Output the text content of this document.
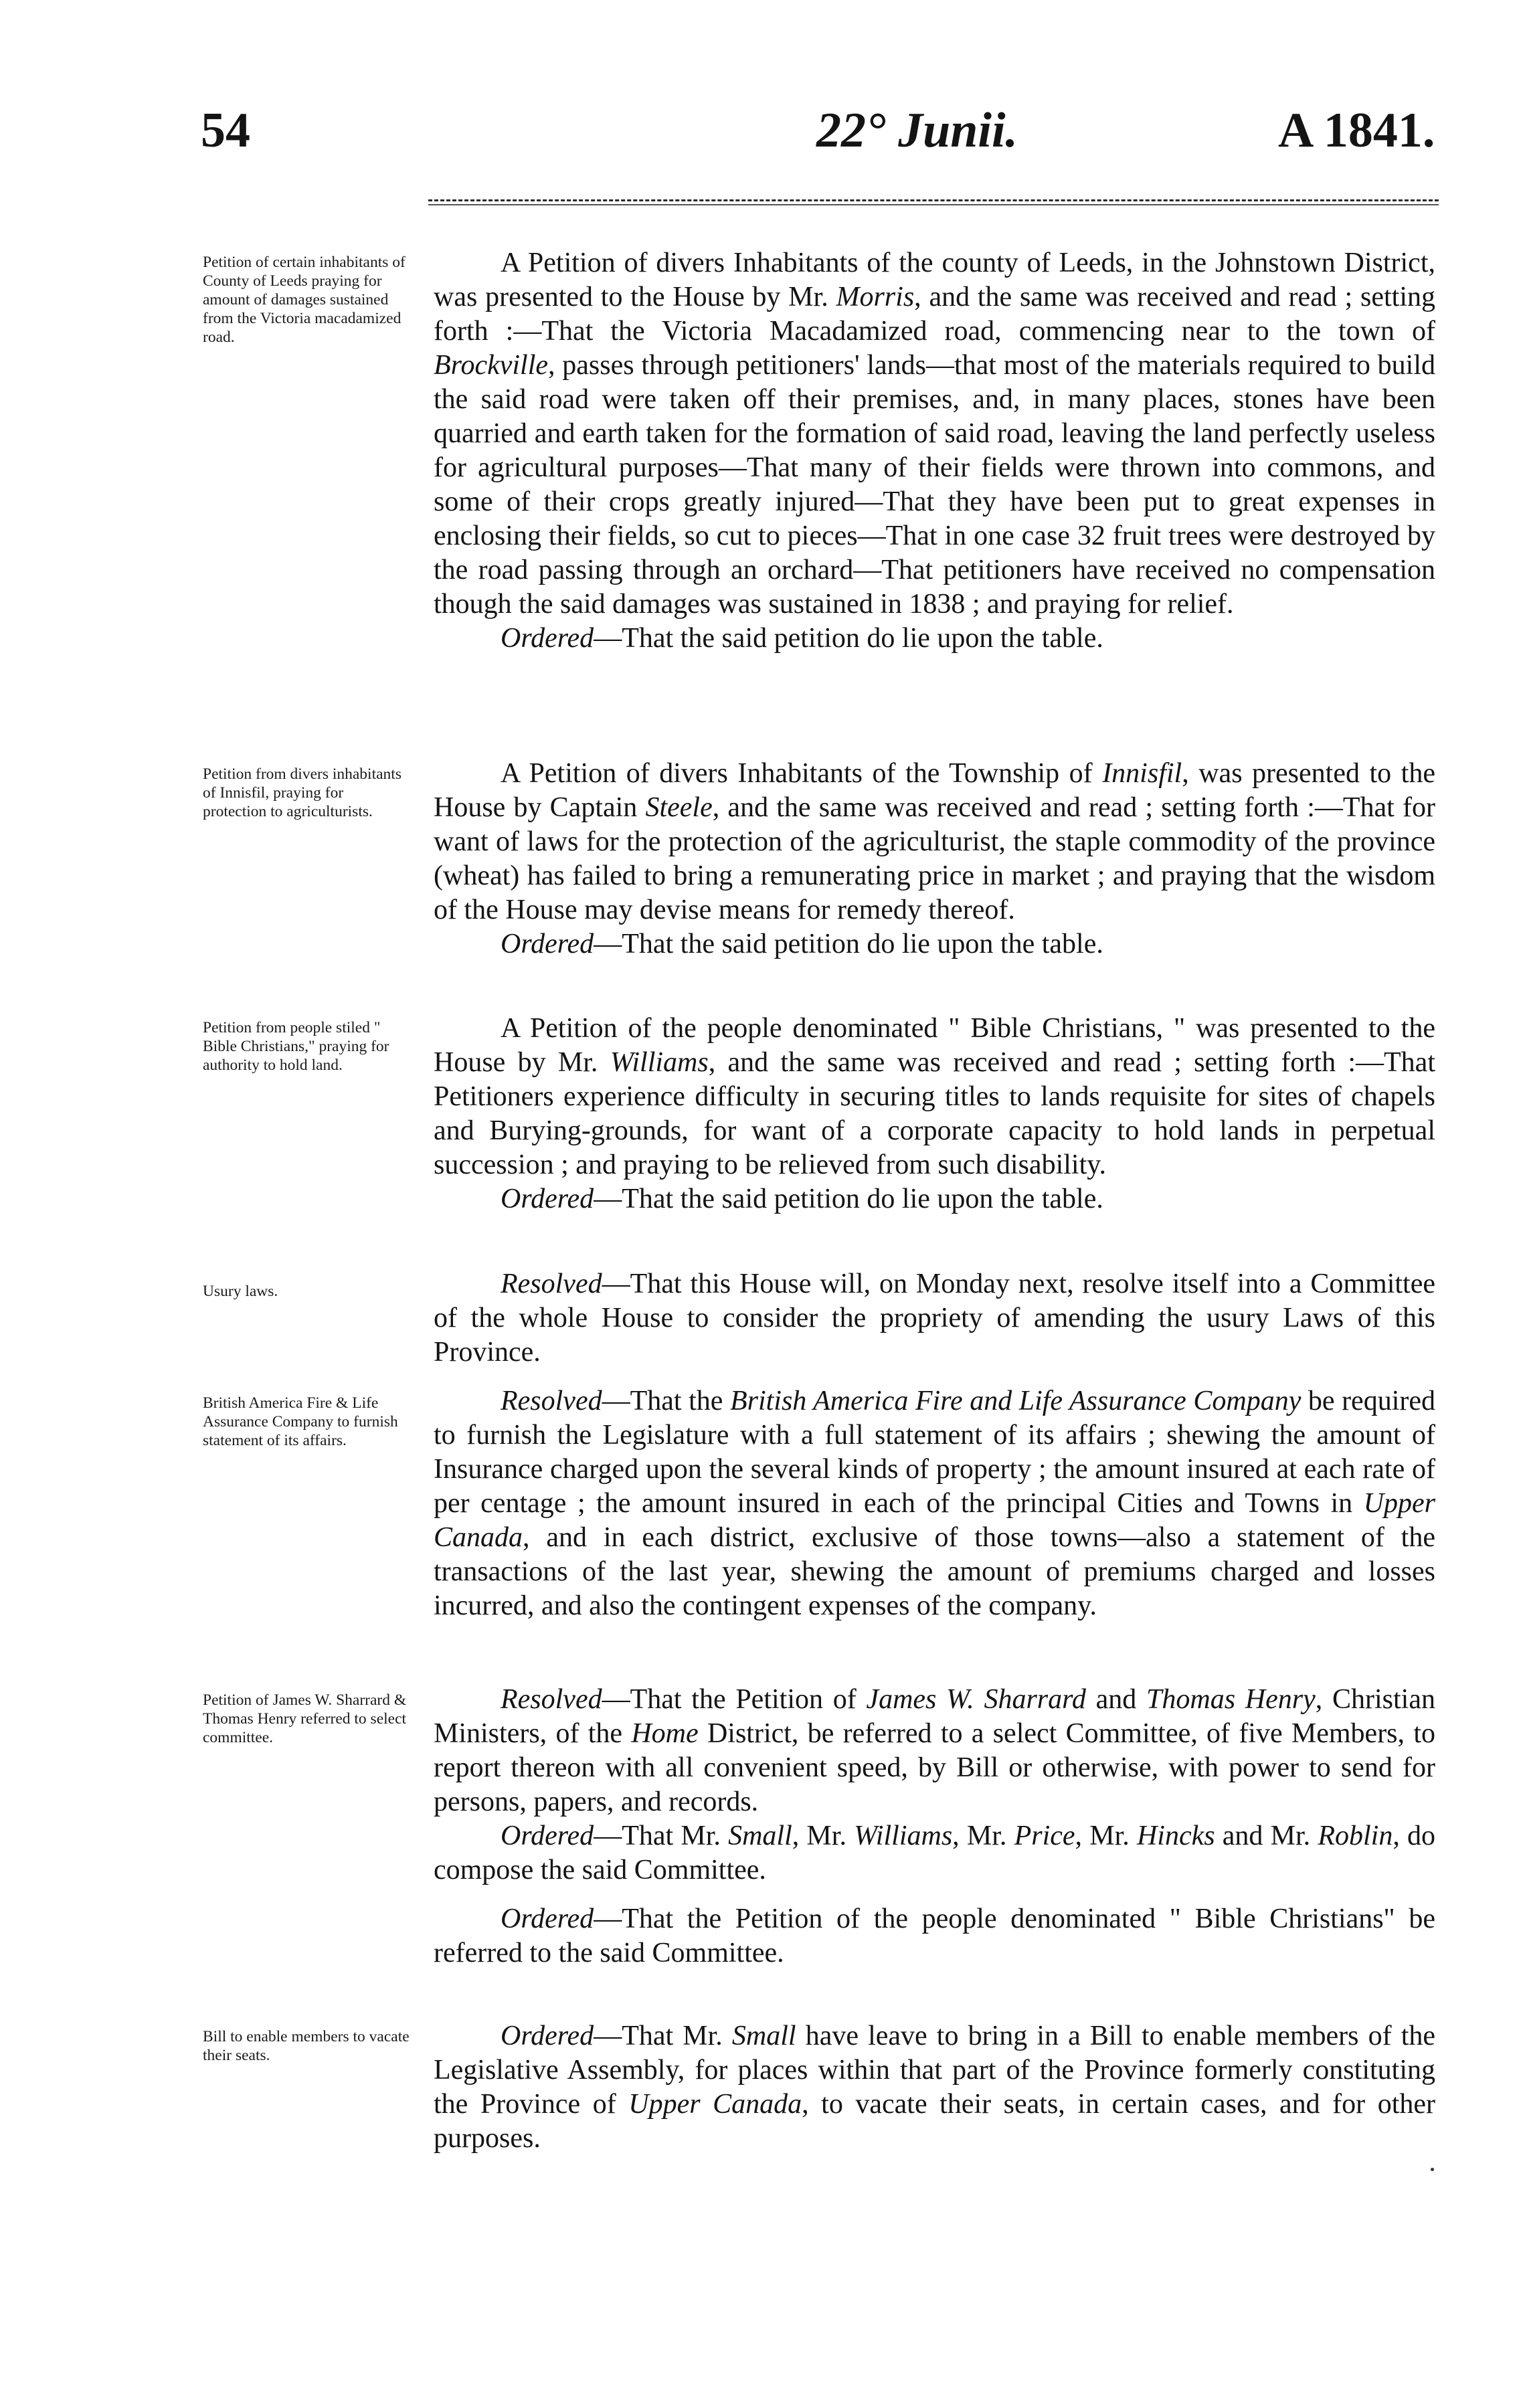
54	22° Junii.	A 1841.
Petition of certain inhabitants of County of Leeds praying for amount of damages sustained from the Victoria macadamized road.

A Petition of divers Inhabitants of the county of Leeds, in the Johnstown District, was presented to the House by Mr. Morris, and the same was received and read ; setting forth :—That the Victoria Macadamized road, commencing near to the town of Brockville, passes through petitioners' lands—that most of the materials required to build the said road were taken off their premises, and, in many places, stones have been quarried and earth taken for the formation of said road, leaving the land perfectly useless for agricultural purposes—That many of their fields were thrown into commons, and some of their crops greatly injured—That they have been put to great expenses in enclosing their fields, so cut to pieces—That in one case 32 fruit trees were destroyed by the road passing through an orchard—That petitioners have received no compensation though the said damages was sustained in 1838 ; and praying for relief.

Ordered—That the said petition do lie upon the table.

Petition from divers inhabitants of Innisfil, praying for protection to agriculturists.

A Petition of divers Inhabitants of the Township of Innisfil, was presented to the House by Captain Steele, and the same was received and read ; setting forth :—That for want of laws for the protection of the agriculturist, the staple commodity of the province (wheat) has failed to bring a remunerating price in market ; and praying that the wisdom of the House may devise means for remedy thereof.

Ordered—That the said petition do lie upon the table.

Petition from people stiled " Bible Christians," praying for authority to hold land.

A Petition of the people denominated " Bible Christians, " was presented to the House by Mr. Williams, and the same was received and read ; setting forth :—That Petitioners experience difficulty in securing titles to lands requisite for sites of chapels and Burying-grounds, for want of a corporate capacity to hold lands in perpetual succession ; and praying to be relieved from such disability.

Ordered—That the said petition do lie upon the table.

Usury laws.	Resolved—That this House will, on Monday next, resolve itself into a Committee of the whole House to consider the propriety of amending the usury Laws of this Province.

British America Fire & Life Assurance Company to furnish statement of its affairs.

Resolved—That the British America Fire and Life Assurance Company be required to furnish the Legislature with a full statement of its affairs ; shewing the amount of Insurance charged upon the several kinds of property ; the amount insured at each rate of per centage ; the amount insured in each of the principal Cities and Towns in Upper Canada, and in each district, exclusive of those towns—also a statement of the transactions of the last year, shewing the amount of premiums charged and losses incurred, and also the contingent expenses of the company.

Petition of James W. Sharrard & Thomas Henry referred to select committee.

Resolved—That the Petition of James W. Sharrard and Thomas Henry, Christian Ministers, of the Home District, be referred to a select Committee, of five Members, to report thereon with all convenient speed, by Bill or otherwise, with power to send for persons, papers, and records.

Ordered—That Mr. Small, Mr. Williams, Mr. Price, Mr. Hincks and Mr. Roblin, do compose the said Committee.

Ordered—That the Petition of the people denominated " Bible Christians" be referred to the said Committee.

Bill to enable members to vacate their seats.

Ordered—That Mr. Small have leave to bring in a Bill to enable members of the Legislative Assembly, for places within that part of the Province formerly constituting the Province of Upper Canada, to vacate their seats, in certain cases, and for other purposes.
